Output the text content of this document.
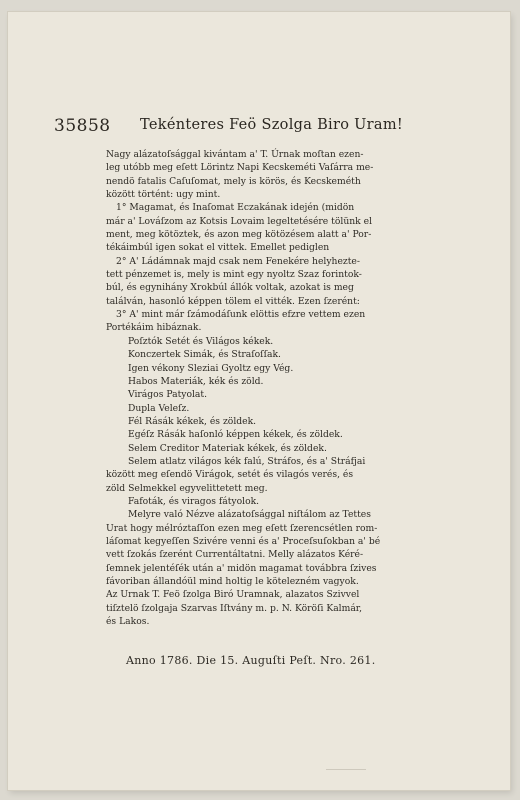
35858 Tekénteres Feö Szolga Biro Uram!
Nagy alázatoſsággal kivántam a' T. Úrnak moſtan ezen-
leg utóbb meg eſett Lörintz Napi Kecskeméti Vaſárra me-
nendö fatalis Caſuſomat, mely is körös, és Kecskeméth
között történt: ugy mint.
1° Magamat, és Inaſomat Eczakának idején (midön
már a' Lováſzom az Kotsis Lovaim legeltetésére tölünk el
ment, meg kötöztek, és azon meg kötözésem alatt a' Por-
tékáimbúl igen sokat el vittek. Emellet pediglen
2° A' Ládámnak majd csak nem Fenekére helyhezte-
tett pénzemet is, mely is mint egy nyoltz Szaz forintok-
búl, és egynihány Xrokbúl állók voltak, azokat is meg
találván, hasonló képpen tölem el vitték. Ezen ſzerént:
3° A' mint már ſzámodáſunk elöttis efzre vettem ezen
Portékáim hibáznak.
Poſztók Setét és Világos kékek.
Konczertek Simák, és Straſoſſak.
Igen vékony Sleziai Gyoltz egy Vég.
Habos Materiák, kék és zöld.
Virágos Patyolat.
Dupla Veleſz.
Fél Rásák kékek, és zöldek.
Egéſz Rásák haſonló képpen kékek, és zöldek.
Selem Creditor Materiak kékek, és zöldek.
Selem atlatz világos kék falú, Stráfos, és a' Stráfjai
között meg eſendö Virágok, setét és vilagós verés, és
zöld Selmekkel egyvelittetett meg.
Fafoták, és viragos fátyolok.
Melyre való Nézve alázatoſsággal niſtálom az Tettes
Urat hogy mélróztaſſon ezen meg eſett ſzerencsétlen rom-
láſomat kegyeſſen Szivére venni és a' Proceſsuſokban a' bé
vett ſzokás ſzerént Currentáltatni. Melly alázatos Kéré-
ſemnek jelentéſék után a' midön magamat továbbra ſzives
fávoriban állandóül mind holtig le kötelezném vagyok.
Az Urnak T. Feö ſzolga Biró Uramnak, alazatos Szivvel
tiſztelö ſzolgaja Szarvas Iſtvány m. p. N. Köröſi Kalmár,
és Lakos.
Anno 1786. Die 15. Auguſti Peſt. Nro. 261.
